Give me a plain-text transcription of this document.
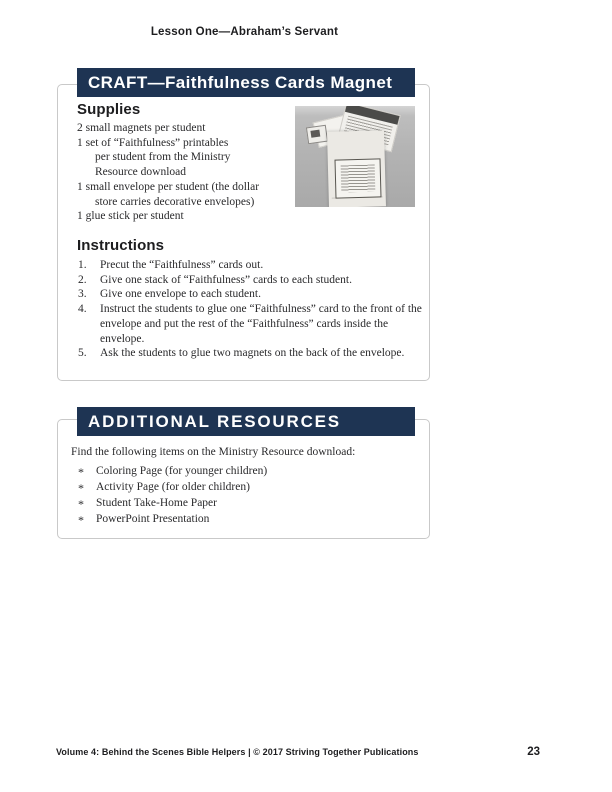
Lesson One—Abraham’s Servant
CRAFT—Faithfulness Cards Magnet
Supplies
2 small magnets per student
1 set of “Faithfulness” printables
per student from the Ministry
Resource download
1 small envelope per student (the dollar
store carries decorative envelopes)
1 glue stick per student
Instructions
1.	Precut the “Faithfulness” cards out.
2.	Give one stack of “Faithfulness” cards to each student.
3.	Give one envelope to each student.
4.	Instruct the students to glue one “Faithfulness” card to the front of the envelope and put the rest of the “Faithfulness” cards inside the envelope.
5.	Ask the students to glue two magnets on the back of the envelope.
ADDITIONAL RESOURCES
Find the following items on the Ministry Resource download:
*	Coloring Page (for younger children)
*	Activity Page (for older children)
*	Student Take-Home Paper
*	PowerPoint Presentation
Volume 4: Behind the Scenes Bible Helpers | © 2017 Striving Together Publications	23
